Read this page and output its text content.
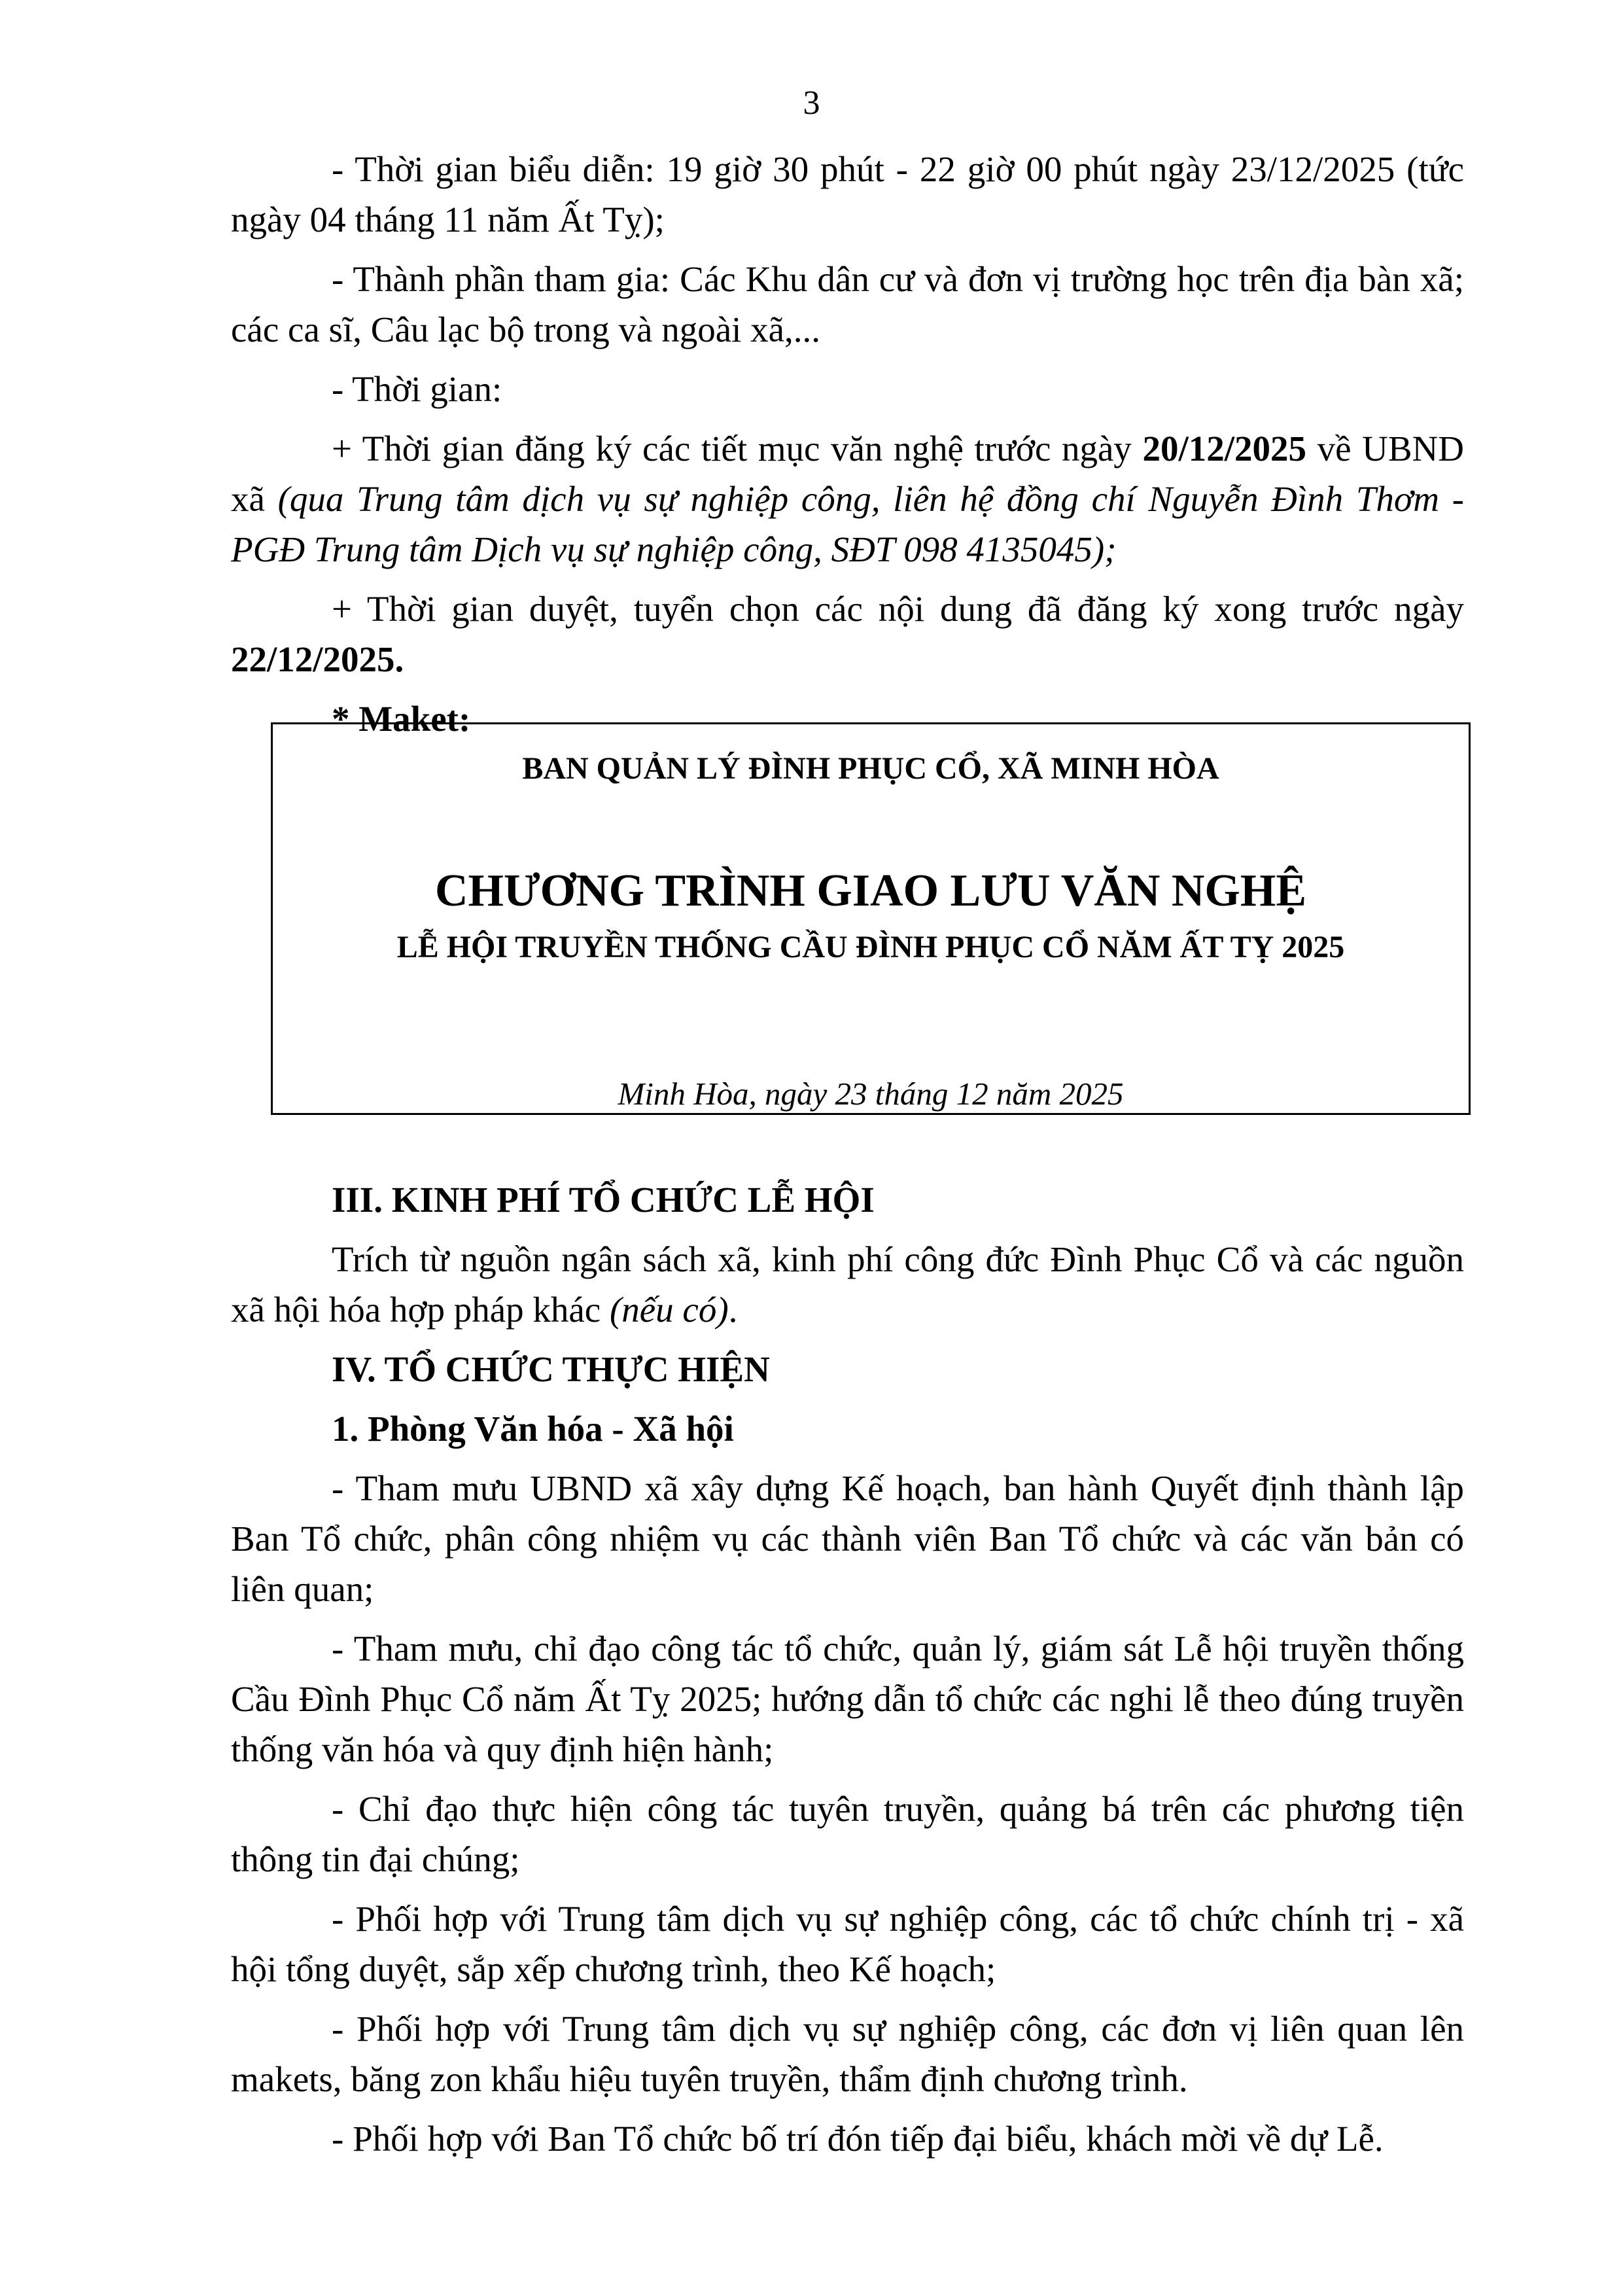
3

- Thời gian biểu diễn: 19 giờ 30 phút - 22 giờ 00 phút ngày 23/12/2025 (tức ngày 04 tháng 11 năm Ất Tỵ);

- Thành phần tham gia: Các Khu dân cư và đơn vị trường học trên địa bàn xã; các ca sĩ, Câu lạc bộ trong và ngoài xã,...

- Thời gian:

+ Thời gian đăng ký các tiết mục văn nghệ trước ngày 20/12/2025 về UBND xã (qua Trung tâm dịch vụ sự nghiệp công, liên hệ đồng chí Nguyễn Đình Thơm - PGĐ Trung tâm Dịch vụ sự nghiệp công, SĐT 098 4135045);

+ Thời gian duyệt, tuyển chọn các nội dung đã đăng ký xong trước ngày 22/12/2025.

* Maket:

BAN QUẢN LÝ ĐÌNH PHỤC CỔ, XÃ MINH HÒA
CHƯƠNG TRÌNH GIAO LƯU VĂN NGHỆ
LỄ HỘI TRUYỀN THỐNG CẦU ĐÌNH PHỤC CỔ NĂM ẤT TỴ 2025
Minh Hòa, ngày 23 tháng 12 năm 2025
III. KINH PHÍ TỔ CHỨC LỄ HỘI

Trích từ nguồn ngân sách xã, kinh phí công đức Đình Phục Cổ và các nguồn xã hội hóa hợp pháp khác (nếu có).

IV. TỔ CHỨC THỰC HIỆN
1. Phòng Văn hóa - Xã hội

- Tham mưu UBND xã xây dựng Kế hoạch, ban hành Quyết định thành lập Ban Tổ chức, phân công nhiệm vụ các thành viên Ban Tổ chức và các văn bản có liên quan;

- Tham mưu, chỉ đạo công tác tổ chức, quản lý, giám sát Lễ hội truyền thống Cầu Đình Phục Cổ năm Ất Tỵ 2025; hướng dẫn tổ chức các nghi lễ theo đúng truyền thống văn hóa và quy định hiện hành;

- Chỉ đạo thực hiện công tác tuyên truyền, quảng bá trên các phương tiện thông tin đại chúng;

- Phối hợp với Trung tâm dịch vụ sự nghiệp công, các tổ chức chính trị - xã hội tổng duyệt, sắp xếp chương trình, theo Kế hoạch;

- Phối hợp với Trung tâm dịch vụ sự nghiệp công, các đơn vị liên quan lên makets, băng zon khẩu hiệu tuyên truyền, thẩm định chương trình.

- Phối hợp với Ban Tổ chức bố trí đón tiếp đại biểu, khách mời về dự Lễ.
